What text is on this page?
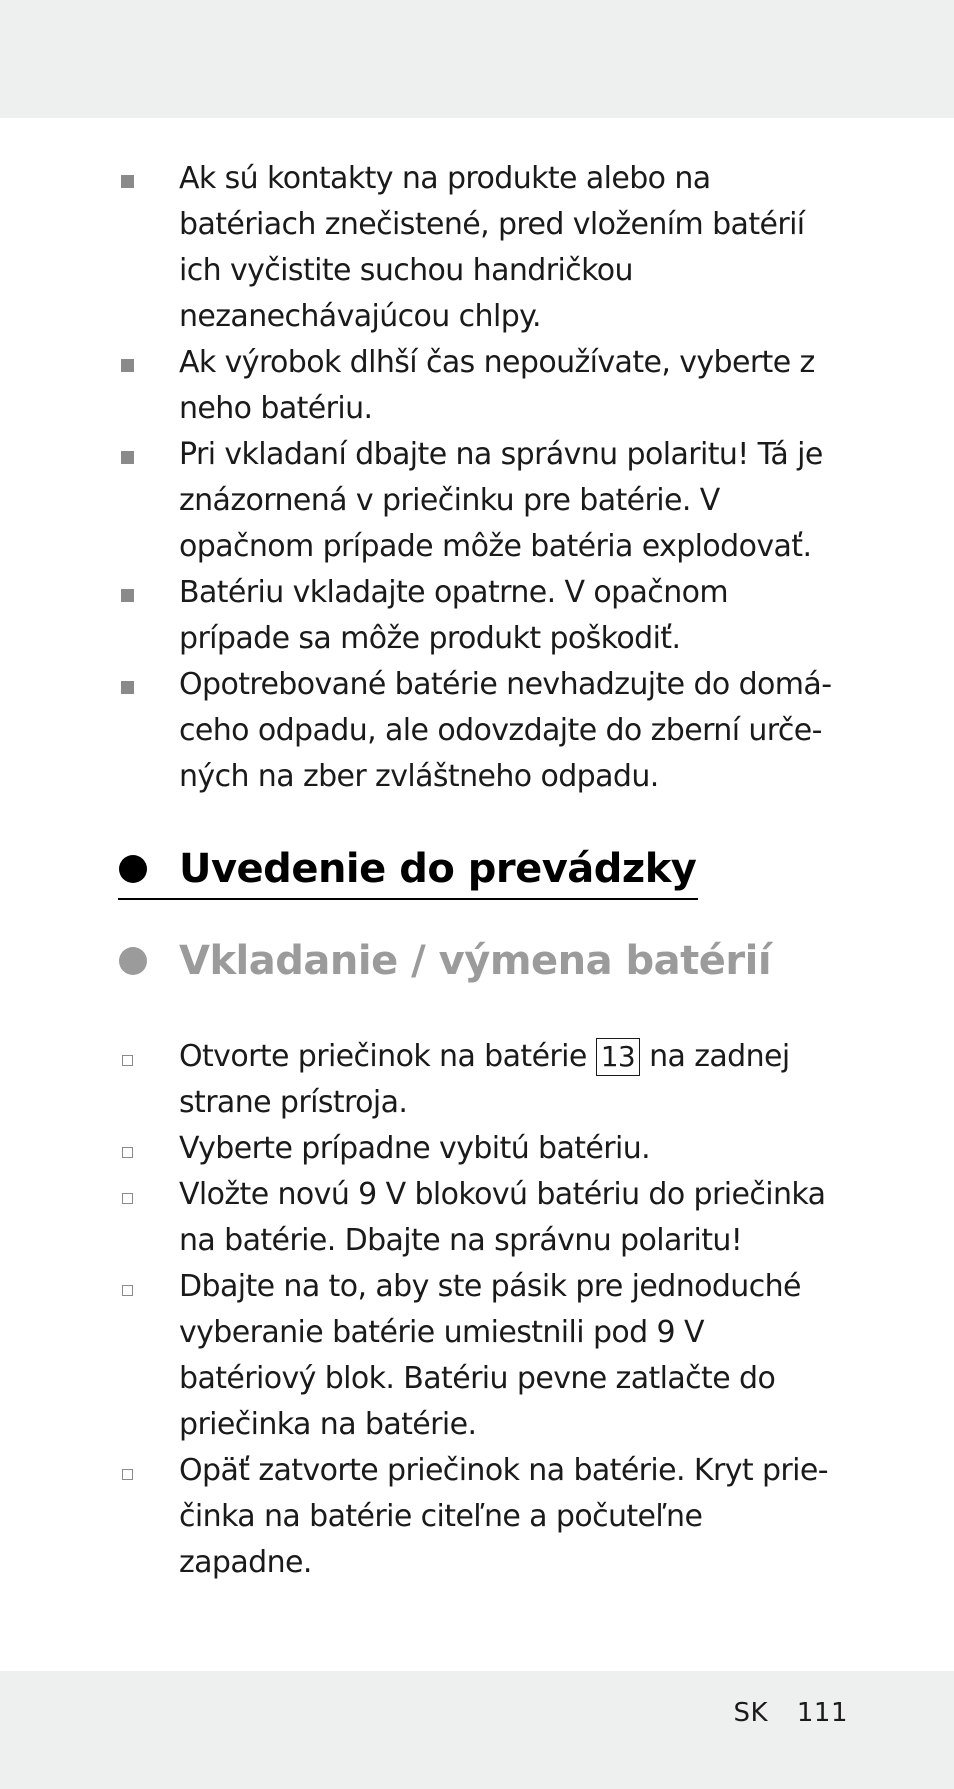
Ak sú kontakty na produkte alebo na batériach znečistené, pred vložením batérií ich vyčistite suchou handričkou nezanechávajúcou chlpy.
Ak výrobok dlhší čas nepoužívate, vyberte z neho batériu.
Pri vkladaní dbajte na správnu polaritu! Tá je znázornená v priečinku pre batérie. V opačnom prípade môže batéria explodovať.
Batériu vkladajte opatrne. V opačnom prípade sa môže produkt poškodiť.
Opotrebované batérie nevhadzujte do domá-ceho odpadu, ale odovzdajte do zberní urče-ných na zber zvláštneho odpadu.
Uvedenie do prevádzky
Vkladanie / výmena batérií
Otvorte priečinok na batérie 13 na zadnej strane prístroja.
Vyberte prípadne vybitú batériu.
Vložte novú 9 V blokovú batériu do priečinka na batérie. Dbajte na správnu polaritu!
Dbajte na to, aby ste pásik pre jednoduché vyberanie batérie umiestnili pod 9 V batériový blok. Batériu pevne zatlačte do priečinka na batérie.
Opäť zatvorte priečinok na batérie. Kryt prie-činka na batérie citeľne a počuteľne zapadne.
SK 111
